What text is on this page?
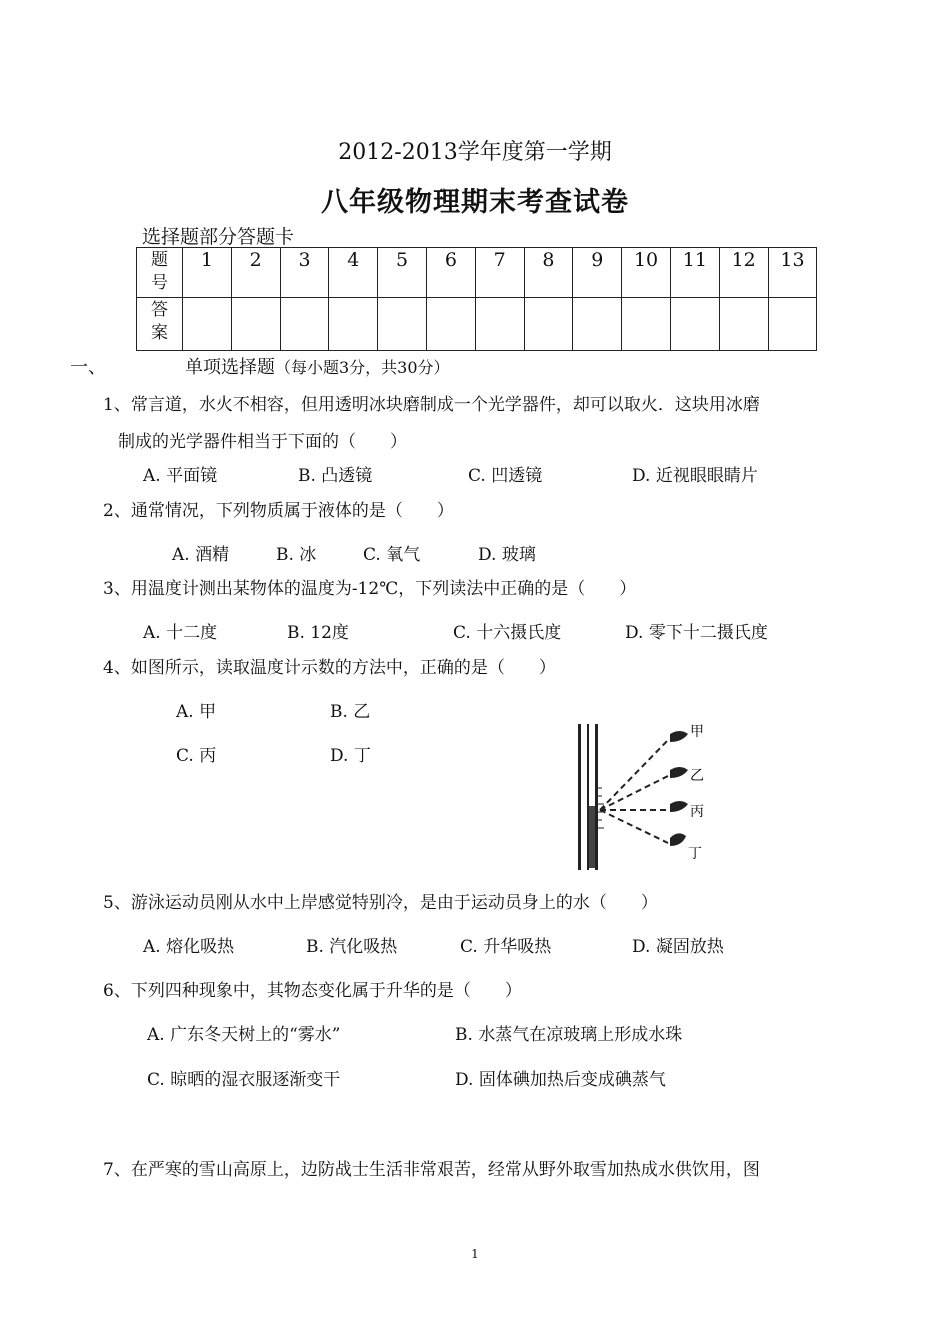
2012-2013学年度第一学期
八年级物理期末考查试卷
选择题部分答题卡
题
号	1	2	3	4	5	6	7	8	9	10	11	12	13
答
案													
一、	单项选择题（每小题3分，共30分）
1、常言道，水火不相容，但用透明冰块磨制成一个光学器件，却可以取火．这块用冰磨
制成的光学器件相当于下面的（　　）
A. 平面镜	B. 凸透镜	C. 凹透镜	D. 近视眼眼睛片
2、通常情况，下列物质属于液体的是（　　）
A. 酒精	B. 冰	C. 氧气	D. 玻璃
3、用温度计测出某物体的温度为-12℃，下列读法中正确的是（　　）
A. 十二度	B. 12度	C. 十六摄氏度	D. 零下十二摄氏度
4、如图所示，读取温度计示数的方法中，正确的是（　　）
A. 甲	B. 乙
C. 丙	D. 丁
甲
乙
丙
丁
5、游泳运动员刚从水中上岸感觉特别冷，是由于运动员身上的水（　　）
A. 熔化吸热	B. 汽化吸热	C. 升华吸热	D. 凝固放热
6、下列四种现象中，其物态变化属于升华的是（　　）
A. 广东冬天树上的“雾水”	B. 水蒸气在凉玻璃上形成水珠
C. 晾晒的湿衣服逐渐变干	D. 固体碘加热后变成碘蒸气
7、在严寒的雪山高原上，边防战士生活非常艰苦，经常从野外取雪加热成水供饮用，图
1
